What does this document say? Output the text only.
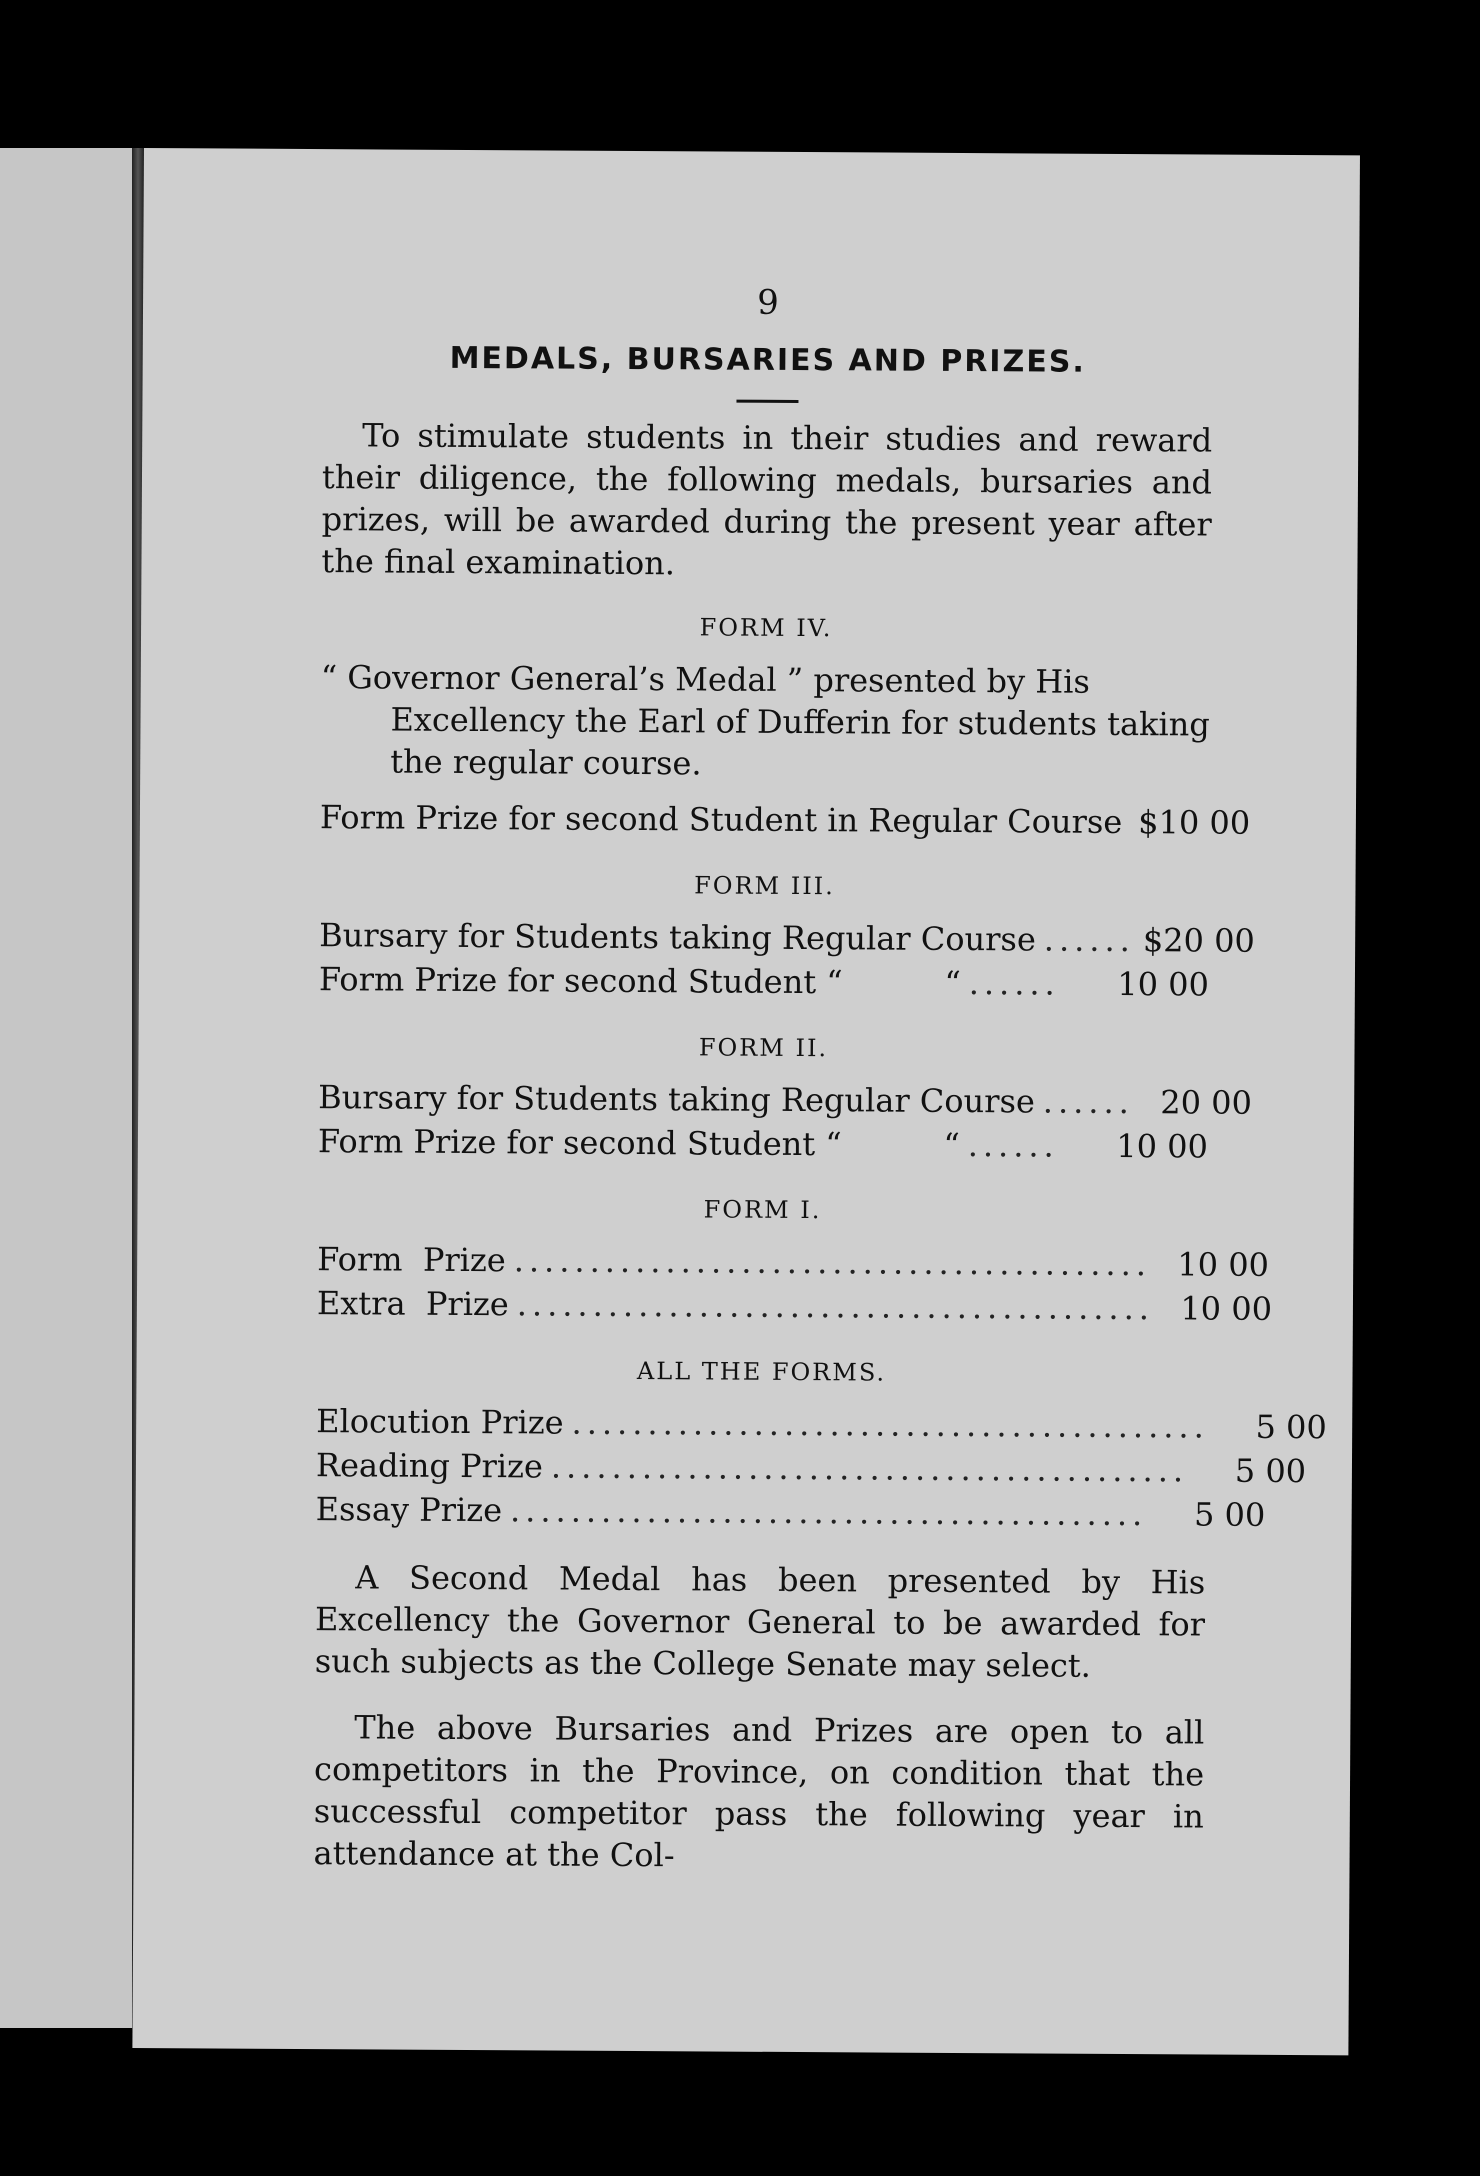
9
MEDALS, BURSARIES AND PRIZES.

To stimulate students in their studies and reward their diligence, the following medals, bursaries and prizes, will be awarded during the present year after the final examination.

FORM IV.

“ Governor General’s Medal ” presented by His Excellency the Earl of Dufferin for students taking the regular course.

Form Prize for second Student in Regular Course $10 00
FORM III.
Bursary for Students taking Regular Course ...... $20 00
Form Prize for second Student “          “ ......	10 00
FORM II.
Bursary for Students taking Regular Course ...... 20 00
Form Prize for second Student “          “ ......	10 00
FORM I.
Form  Prize .......................................... 10 00
Extra  Prize .......................................... 10 00
ALL THE FORMS.
Elocution Prize ..........................................	5 00
Reading Prize ..........................................	5 00
Essay Prize ..........................................	5 00

A Second Medal has been presented by His Excellency the Governor General to be awarded for such subjects as the College Senate may select.

The above Bursaries and Prizes are open to all competitors in the Province, on condition that the successful competitor pass the following year in attendance at the Col-
